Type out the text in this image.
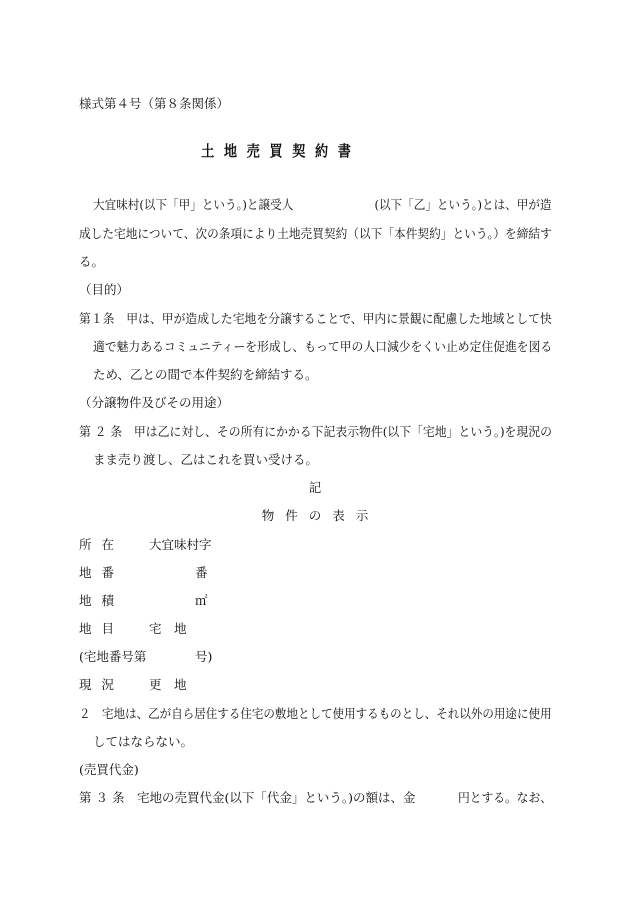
様式第４号（第８条関係）
土地売買契約書
大宜味村(以下「甲」という。)と譲受人　　　　　　　(以下「乙」という。)とは、甲が造
成した宅地について、次の条項により土地売買契約（以下「本件契約」という。）を締結す
る。
（目的）
第１条　甲は、甲が造成した宅地を分譲することで、甲内に景観に配慮した地域として快
適で魅力あるコミュニティーを形成し、もって甲の人口減少をくい止め定住促進を図る
ため、乙との間で本件契約を締結する。
（分譲物件及びその用途）
第 ２ 条　甲は乙に対し、その所有にかかる下記表示物件(以下「宅地」という。)を現況の
まま売り渡し、乙はこれを買い受ける。
記
物件の表示
所在 大宜味村字
地番	番
地積	㎡
地目 宅　地
(宅地番号第	号)
現況 更　地
２　宅地は、乙が自ら居住する住宅の敷地として使用するものとし、それ以外の用途に使用
してはならない。
(売買代金)
第 ３ 条　宅地の売買代金(以下「代金」という。)の額は、金	円とする。なお、
